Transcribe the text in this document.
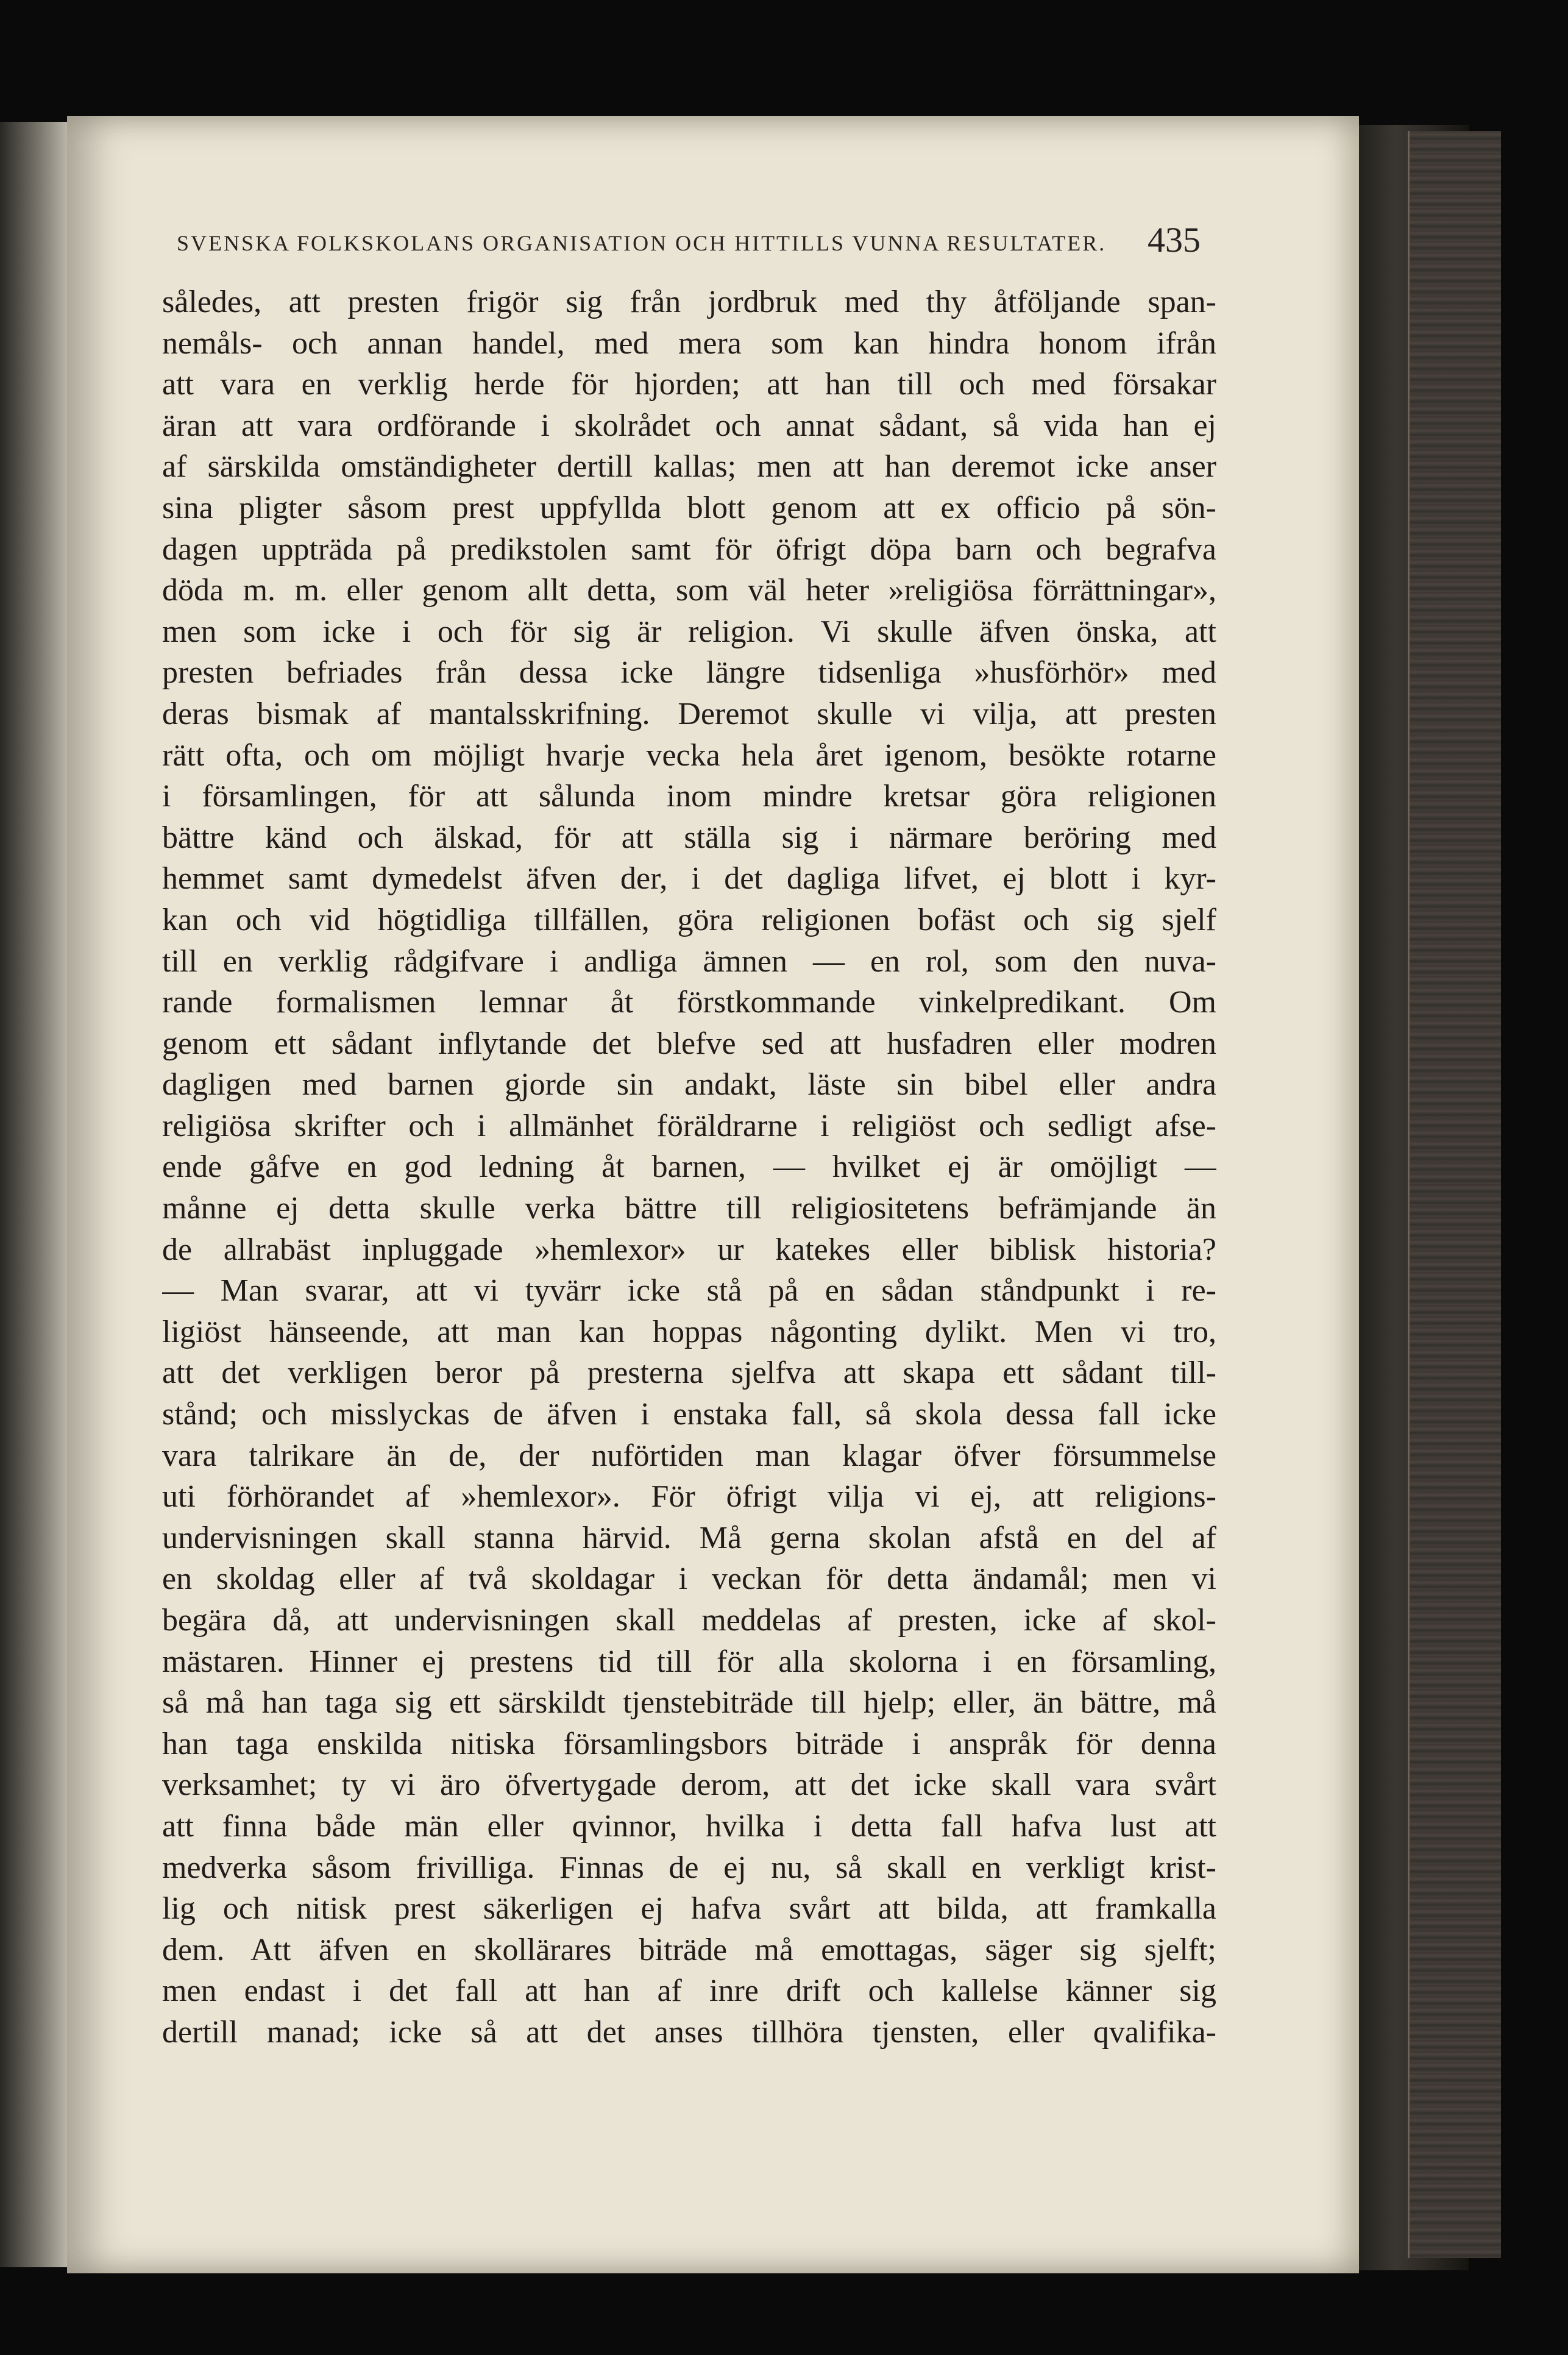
SVENSKA FOLKSKOLANS ORGANISATION OCH HITTILLS VUNNA RESULTATER. 435
således, att presten frigör sig från jordbruk med thy åtföljande span-
nemåls- och annan handel, med mera som kan hindra honom ifrån
att vara en verklig herde för hjorden; att han till och med försakar
äran att vara ordförande i skolrådet och annat sådant, så vida han ej
af särskilda omständigheter dertill kallas; men att han deremot icke anser
sina pligter såsom prest uppfyllda blott genom att ex officio på sön-
dagen uppträda på predikstolen samt för öfrigt döpa barn och begrafva
döda m. m. eller genom allt detta, som väl heter »religiösa förrättningar»,
men som icke i och för sig är religion. Vi skulle äfven önska, att
presten befriades från dessa icke längre tidsenliga »husförhör» med
deras bismak af mantalsskrifning. Deremot skulle vi vilja, att presten
rätt ofta, och om möjligt hvarje vecka hela året igenom, besökte rotarne
i församlingen, för att sålunda inom mindre kretsar göra religionen
bättre känd och älskad, för att ställa sig i närmare beröring med
hemmet samt dymedelst äfven der, i det dagliga lifvet, ej blott i kyr-
kan och vid högtidliga tillfällen, göra religionen bofäst och sig sjelf
till en verklig rådgifvare i andliga ämnen — en rol, som den nuva-
rande formalismen lemnar åt förstkommande vinkelpredikant. Om
genom ett sådant inflytande det blefve sed att husfadren eller modren
dagligen med barnen gjorde sin andakt, läste sin bibel eller andra
religiösa skrifter och i allmänhet föräldrarne i religiöst och sedligt afse-
ende gåfve en god ledning åt barnen, — hvilket ej är omöjligt —
månne ej detta skulle verka bättre till religiositetens befrämjande än
de allrabäst inpluggade »hemlexor» ur katekes eller biblisk historia?
— Man svarar, att vi tyvärr icke stå på en sådan ståndpunkt i re-
ligiöst hänseende, att man kan hoppas någonting dylikt. Men vi tro,
att det verkligen beror på presterna sjelfva att skapa ett sådant till-
stånd; och misslyckas de äfven i enstaka fall, så skola dessa fall icke
vara talrikare än de, der nuförtiden man klagar öfver försummelse
uti förhörandet af »hemlexor». För öfrigt vilja vi ej, att religions-
undervisningen skall stanna härvid. Må gerna skolan afstå en del af
en skoldag eller af två skoldagar i veckan för detta ändamål; men vi
begära då, att undervisningen skall meddelas af presten, icke af skol-
mästaren. Hinner ej prestens tid till för alla skolorna i en församling,
så må han taga sig ett särskildt tjenstebiträde till hjelp; eller, än bättre, må
han taga enskilda nitiska församlingsbors biträde i anspråk för denna
verksamhet; ty vi äro öfvertygade derom, att det icke skall vara svårt
att finna både män eller qvinnor, hvilka i detta fall hafva lust att
medverka såsom frivilliga. Finnas de ej nu, så skall en verkligt krist-
lig och nitisk prest säkerligen ej hafva svårt att bilda, att framkalla
dem. Att äfven en skollärares biträde må emottagas, säger sig sjelft;
men endast i det fall att han af inre drift och kallelse känner sig
dertill manad; icke så att det anses tillhöra tjensten, eller qvalifika-
